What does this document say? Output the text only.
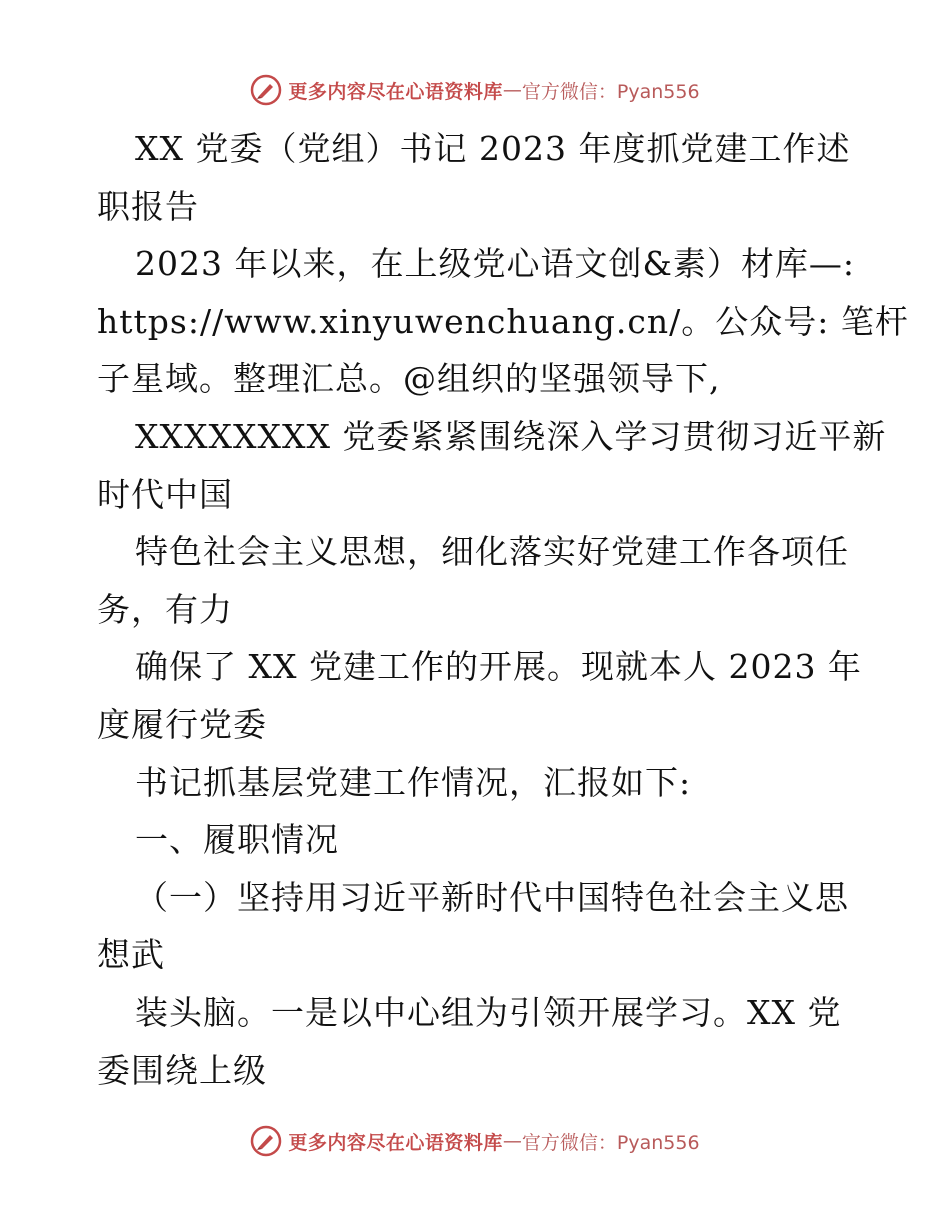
更多内容尽在心语资料库 — 官方微信：Pyan556
XX 党委（党组）书记 2023 年度抓党建工作述
职报告
2023 年以来，在上级党心语文创&素）材库—:
https://www.xinyuwenchuang.cn/。公众号: 笔杆
子星域。整理汇总。@组织的坚强领导下,
XXXXXXXX 党委紧紧围绕深入学习贯彻习近平新
时代中国
特色社会主义思想，细化落实好党建工作各项任
务，有力
确保了 XX 党建工作的开展。现就本人 2023 年
度履行党委
书记抓基层党建工作情况，汇报如下:
一、履职情况
（一）坚持用习近平新时代中国特色社会主义思
想武
装头脑。一是以中心组为引领开展学习。XX 党
委围绕上级
更多内容尽在心语资料库 — 官方微信：Pyan556
